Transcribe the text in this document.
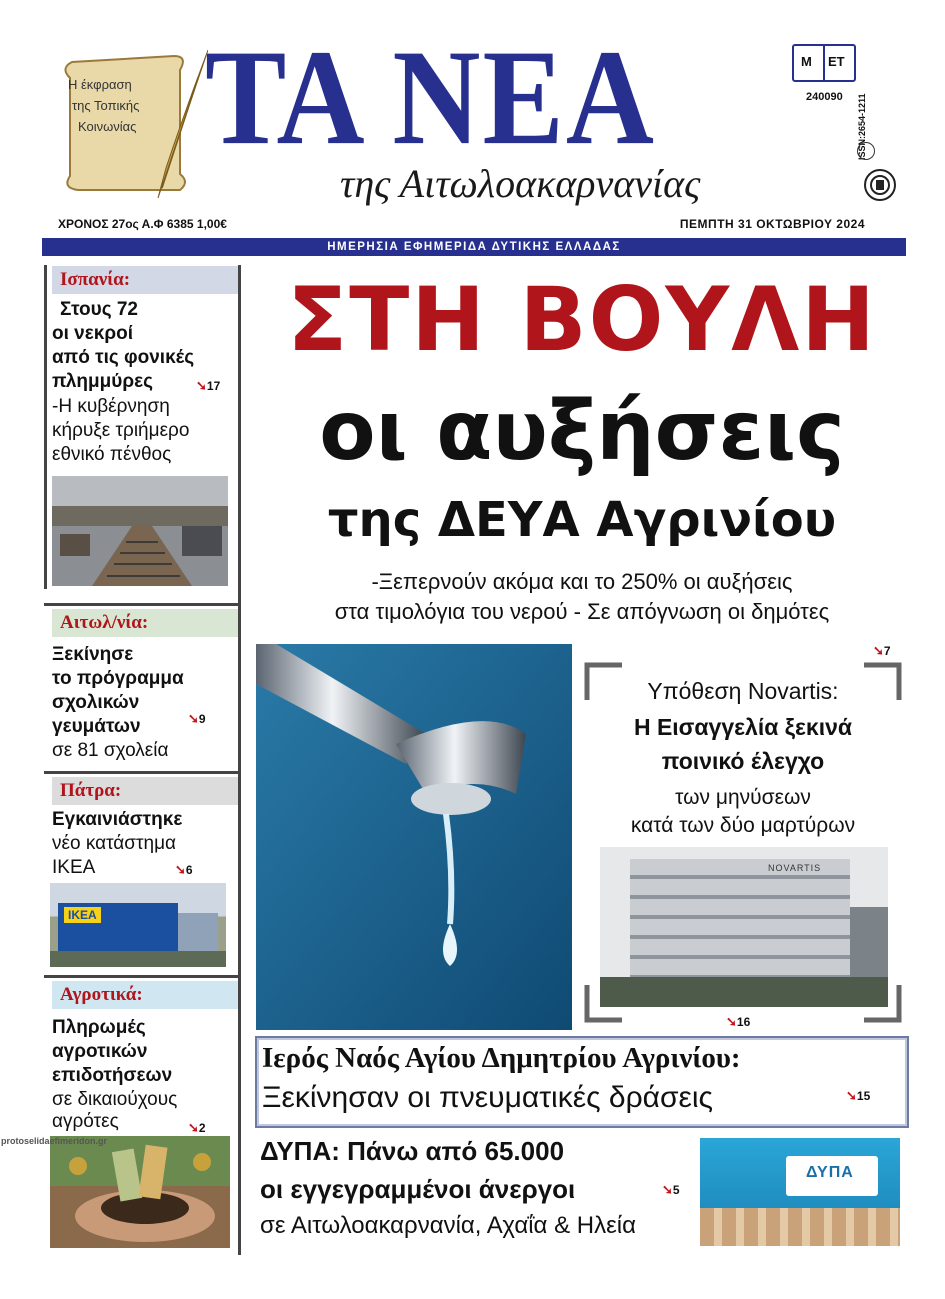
Η έκφραση
της Τοπικής
Κοινωνίας ΤΑ ΝΕΑ
της Αιτωλοακαρνανίας
Μ ΕΤ
240090 ISSN:2654-1211
ΧΡΟΝΟΣ 27ος Α.Φ 6385 1,00€	ΠΕΜΠΤΗ 31 ΟΚΤΩΒΡΙΟΥ 2024
ΗΜΕΡΗΣΙΑ ΕΦΗΜΕΡΙΔΑ ΔΥΤΙΚΗΣ ΕΛΛΑΔΑΣ
Ισπανία:
Στους 72
οι νεκροί
από τις φονικές
πλημμύρες	➘17
-Η κυβέρνηση
κήρυξε τριήμερο
εθνικό πένθος
Αιτωλ/νία:
Ξεκίνησε
το πρόγραμμα
σχολικών
γευμάτων
σε 81 σχολεία
➘9
Πάτρα:
Εγκαινιάστηκε
νέο κατάστημα
IKEA	➘6
IKEA
Αγροτικά:
Πληρωμές
αγροτικών
επιδοτήσεων
σε δικαιούχους
αγρότες	➘2
protoselidaefimeridon.gr
ΣΤΗ ΒΟΥΛΗ
οι αυξήσεις
της ΔΕΥΑ Αγρινίου
-Ξεπερνούν ακόμα και το 250% οι αυξήσεις
στα τιμολόγια του νερού - Σε απόγνωση οι δημότες
➘7
Υπόθεση Novartis:
Η Εισαγγελία ξεκινά
ποινικό έλεγχο
των μηνύσεων
κατά των δύο μαρτύρων
NOVARTIS
➘16
Ιερός Ναός Αγίου Δημητρίου Αγρινίου:
Ξεκίνησαν οι πνευματικές δράσεις	➘15
ΔΥΠΑ: Πάνω από 65.000
οι εγγεγραμμένοι άνεργοι
σε Αιτωλοακαρνανία, Αχαΐα & Ηλεία
➘5
ΔΥΠΑ
